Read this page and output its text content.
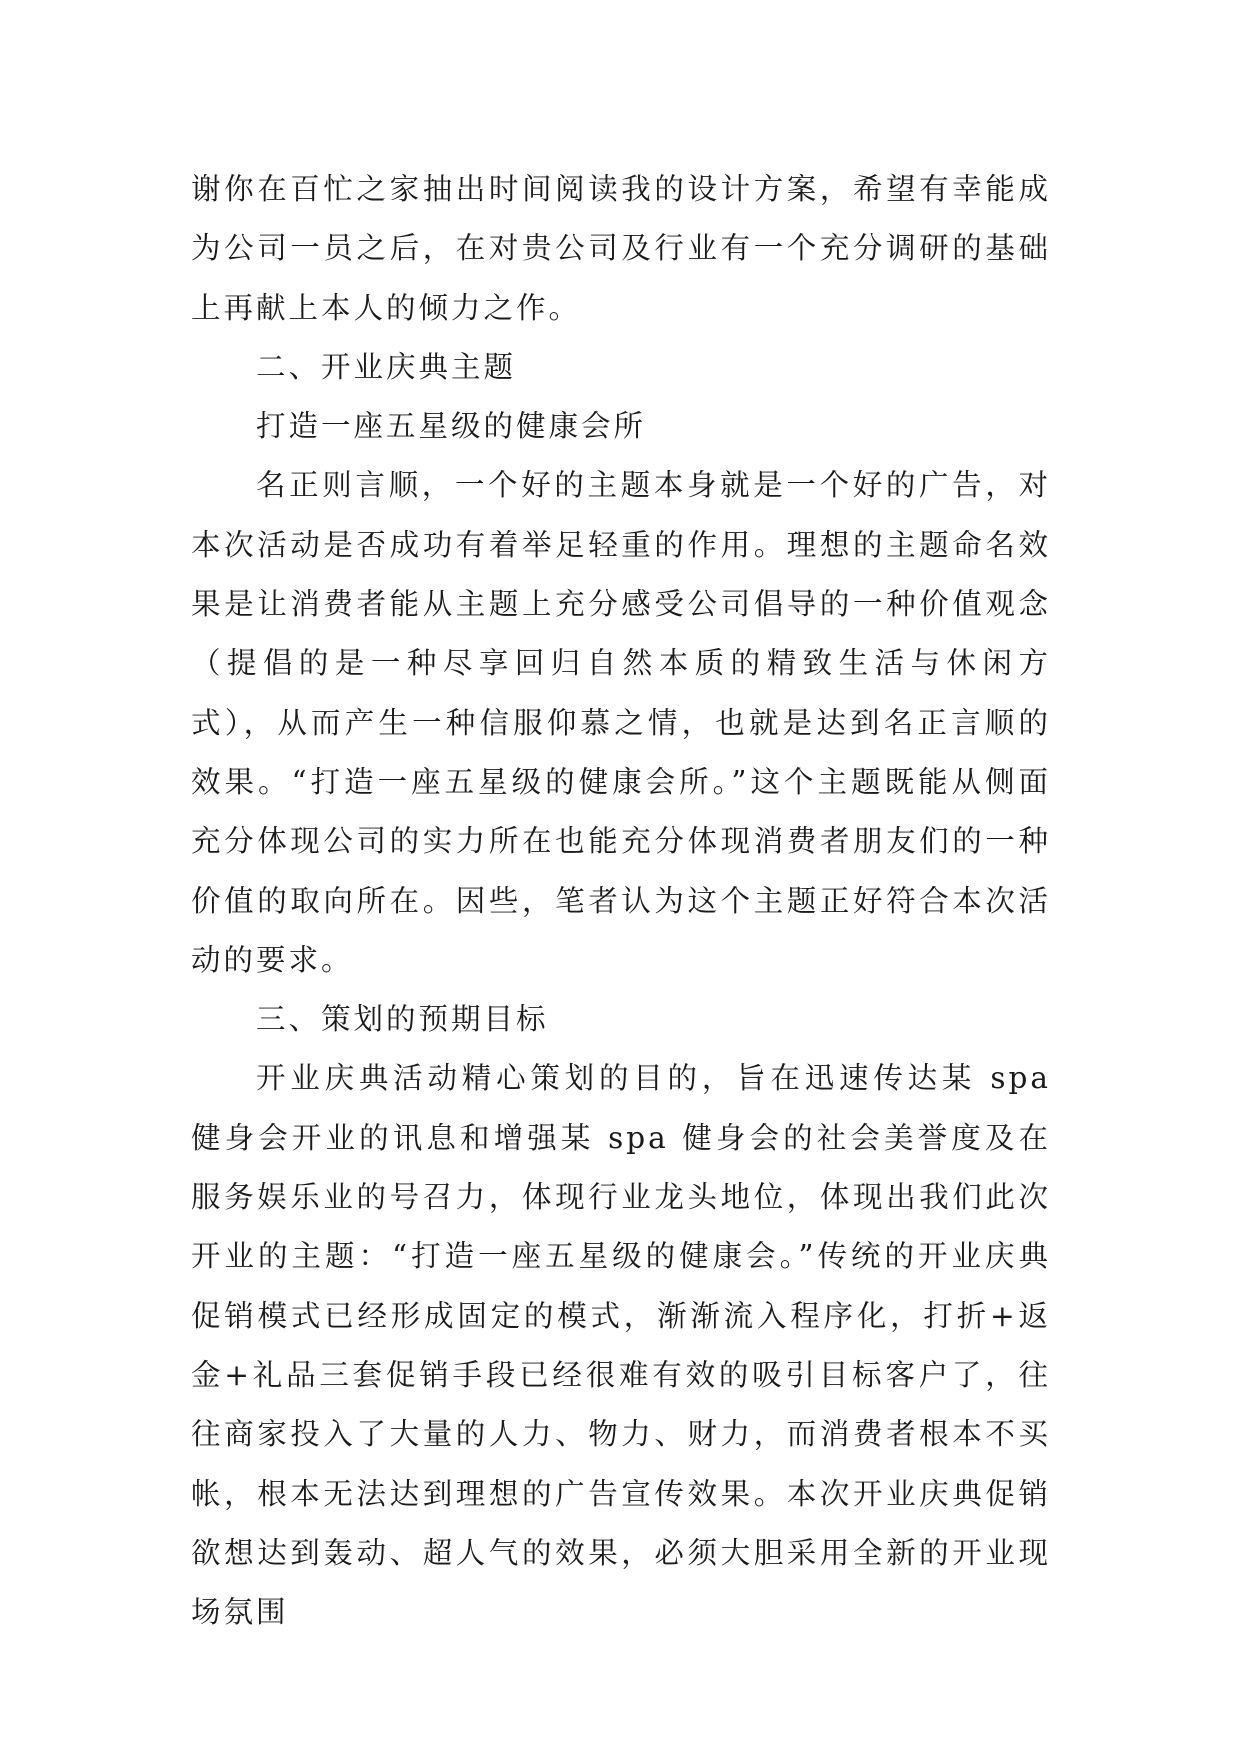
谢你在百忙之家抽出时间阅读我的设计方案，希望有幸能成为公司一员之后，在对贵公司及行业有一个充分调研的基础上再献上本人的倾力之作。

二、开业庆典主题

打造一座五星级的健康会所

名正则言顺，一个好的主题本身就是一个好的广告，对本次活动是否成功有着举足轻重的作用。理想的主题命名效果是让消费者能从主题上充分感受公司倡导的一种价值观念（提倡的是一种尽享回归自然本质的精致生活与休闲方式），从而产生一种信服仰慕之情，也就是达到名正言顺的效果。“打造一座五星级的健康会所。”这个主题既能从侧面充分体现公司的实力所在也能充分体现消费者朋友们的一种价值的取向所在。因些，笔者认为这个主题正好符合本次活动的要求。

三、策划的预期目标

开业庆典活动精心策划的目的，旨在迅速传达某 spa 健身会开业的讯息和增强某 spa 健身会的社会美誉度及在服务娱乐业的号召力，体现行业龙头地位，体现出我们此次开业的主题：“打造一座五星级的健康会。”传统的开业庆典促销模式已经形成固定的模式，渐渐流入程序化，打折+返金+礼品三套促销手段已经很难有效的吸引目标客户了，往往商家投入了大量的人力、物力、财力，而消费者根本不买帐，根本无法达到理想的广告宣传效果。本次开业庆典促销欲想达到轰动、超人气的效果，必须大胆采用全新的开业现场氛围
